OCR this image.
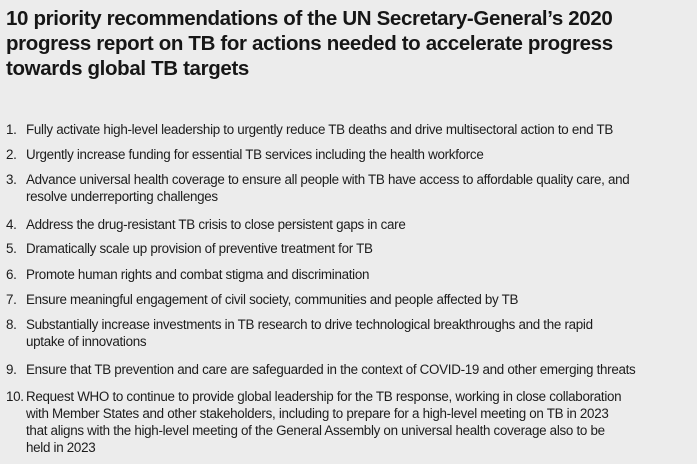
10 priority recommendations of the UN Secretary-General’s 2020
progress report on TB for actions needed to accelerate progress
towards global TB targets
1. Fully activate high-level leadership to urgently reduce TB deaths and drive multisectoral action to end TB
2. Urgently increase funding for essential TB services including the health workforce
3. Advance universal health coverage to ensure all people with TB have access to affordable quality care, and
resolve underreporting challenges
4. Address the drug-resistant TB crisis to close persistent gaps in care
5. Dramatically scale up provision of preventive treatment for TB
6. Promote human rights and combat stigma and discrimination
7. Ensure meaningful engagement of civil society, communities and people affected by TB
8. Substantially increase investments in TB research to drive technological breakthroughs and the rapid
uptake of innovations
9. Ensure that TB prevention and care are safeguarded in the context of COVID-19 and other emerging threats
10. Request WHO to continue to provide global leadership for the TB response, working in close collaboration
with Member States and other stakeholders, including to prepare for a high-level meeting on TB in 2023
that aligns with the high-level meeting of the General Assembly on universal health coverage also to be
held in 2023
